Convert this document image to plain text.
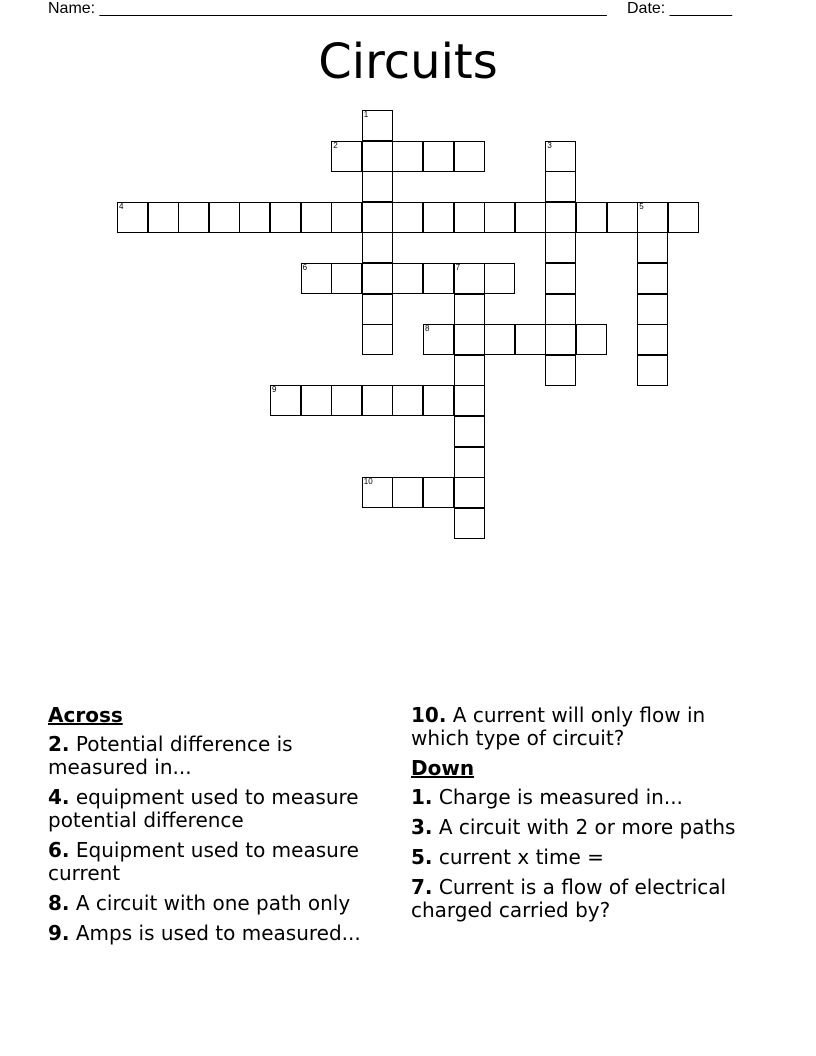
Name: _________________________________________________________ Date: _______
Circuits
1
2	3
4	5
6	7
8
9
10
Across
2. Potential difference is measured in...
4. equipment used to measure potential difference
6. Equipment used to measure current
8. A circuit with one path only
9. Amps is used to measured...
10. A current will only flow in which type of circuit?
Down
1. Charge is measured in...
3. A circuit with 2 or more paths
5. current x time =
7. Current is a flow of electrical charged carried by?
